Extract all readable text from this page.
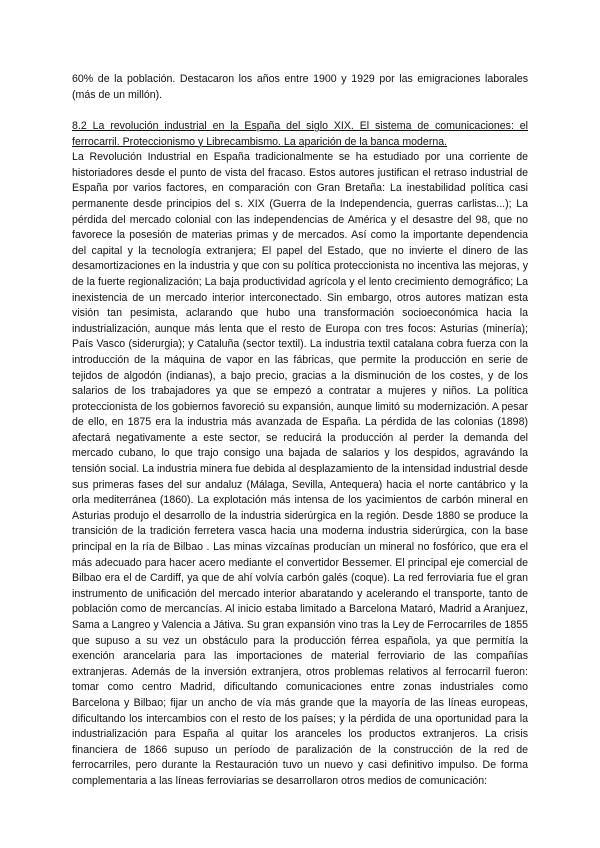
60% de la población. Destacaron los años entre 1900 y 1929 por las emigraciones laborales (más de un millón).
8.2 La revolución industrial en la España del siglo XIX. El sistema de comunicaciones: el ferrocarril. Proteccionismo y Librecambismo. La aparición de la banca moderna.
La Revolución Industrial en España tradicionalmente se ha estudiado por una corriente de historiadores desde el punto de vista del fracaso. Estos autores justifican el retraso industrial de España por varios factores, en comparación con Gran Bretaña: La inestabilidad política casi permanente desde principios del s. XIX (Guerra de la Independencia, guerras carlistas...); La pérdida del mercado colonial con las independencias de América y el desastre del 98, que no favorece la posesión de materias primas y de mercados. Así como la importante dependencia del capital y la tecnología extranjera; El papel del Estado, que no invierte el dinero de las desamortizaciones en la industria y que con su política proteccionista no incentiva las mejoras, y de la fuerte regionalización; La baja productividad agrícola y el lento crecimiento demográfico; La inexistencia de un mercado interior interconectado. Sin embargo, otros autores matizan esta visión tan pesimista, aclarando que hubo una transformación socioeconómica hacia la industrialización, aunque más lenta que el resto de Europa con tres focos: Asturias (minería); País Vasco (siderurgia); y Cataluña (sector textil). La industria textil catalana cobra fuerza con la introducción de la máquina de vapor en las fábricas, que permite la producción en serie de tejidos de algodón (indianas), a bajo precio, gracias a la disminución de los costes, y de los salarios de los trabajadores ya que se empezó a contratar a mujeres y niños. La política proteccionista de los gobiernos favoreció su expansión, aunque limitó su modernización. A pesar de ello, en 1875 era la industria más avanzada de España. La pérdida de las colonias (1898) afectará negativamente a este sector, se reducirá la producción al perder la demanda del mercado cubano, lo que trajo consigo una bajada de salarios y los despidos, agravándo la tensión social. La industria minera fue debida al desplazamiento de la intensidad industrial desde sus primeras fases del sur andaluz (Málaga, Sevilla, Antequera) hacia el norte cantábrico y la orla mediterránea (1860). La explotación más intensa de los yacimientos de carbón mineral en Asturias produjo el desarrollo de la industria siderúrgica en la región. Desde 1880 se produce la transición de la tradición ferretera vasca hacia una moderna industria siderúrgica, con la base principal en la ría de Bilbao . Las minas vizcaínas producían un mineral no fosfórico, que era el más adecuado para hacer acero mediante el convertidor Bessemer. El principal eje comercial de Bilbao era el de Cardiff, ya que de ahí volvía carbón galés (coque). La red ferroviaria fue el gran instrumento de unificación del mercado interior abaratando y acelerando el transporte, tanto de población como de mercancías. Al inicio estaba limitado a Barcelona Mataró, Madrid a Aranjuez, Sama a Langreo y Valencia a Játiva. Su gran expansión vino tras la Ley de Ferrocarriles de 1855 que supuso a su vez un obstáculo para la producción férrea española, ya que permitía la exención arancelaria para las importaciones de material ferroviario de las compañías extranjeras. Además de la inversión extranjera, otros problemas relativos al ferrocarril fueron: tomar como centro Madrid, dificultando comunicaciones entre zonas industriales como Barcelona y Bilbao; fijar un ancho de vía más grande que la mayoría de las líneas europeas, dificultando los intercambios con el resto de los países; y la pérdida de una oportunidad para la industrialización para España al quitar los aranceles los productos extranjeros. La crisis financiera de 1866 supuso un período de paralización de la construcción de la red de ferrocarriles, pero durante la Restauración tuvo un nuevo y casi definitivo impulso. De forma complementaria a las líneas ferroviarias se desarrollaron otros medios de comunicación:
